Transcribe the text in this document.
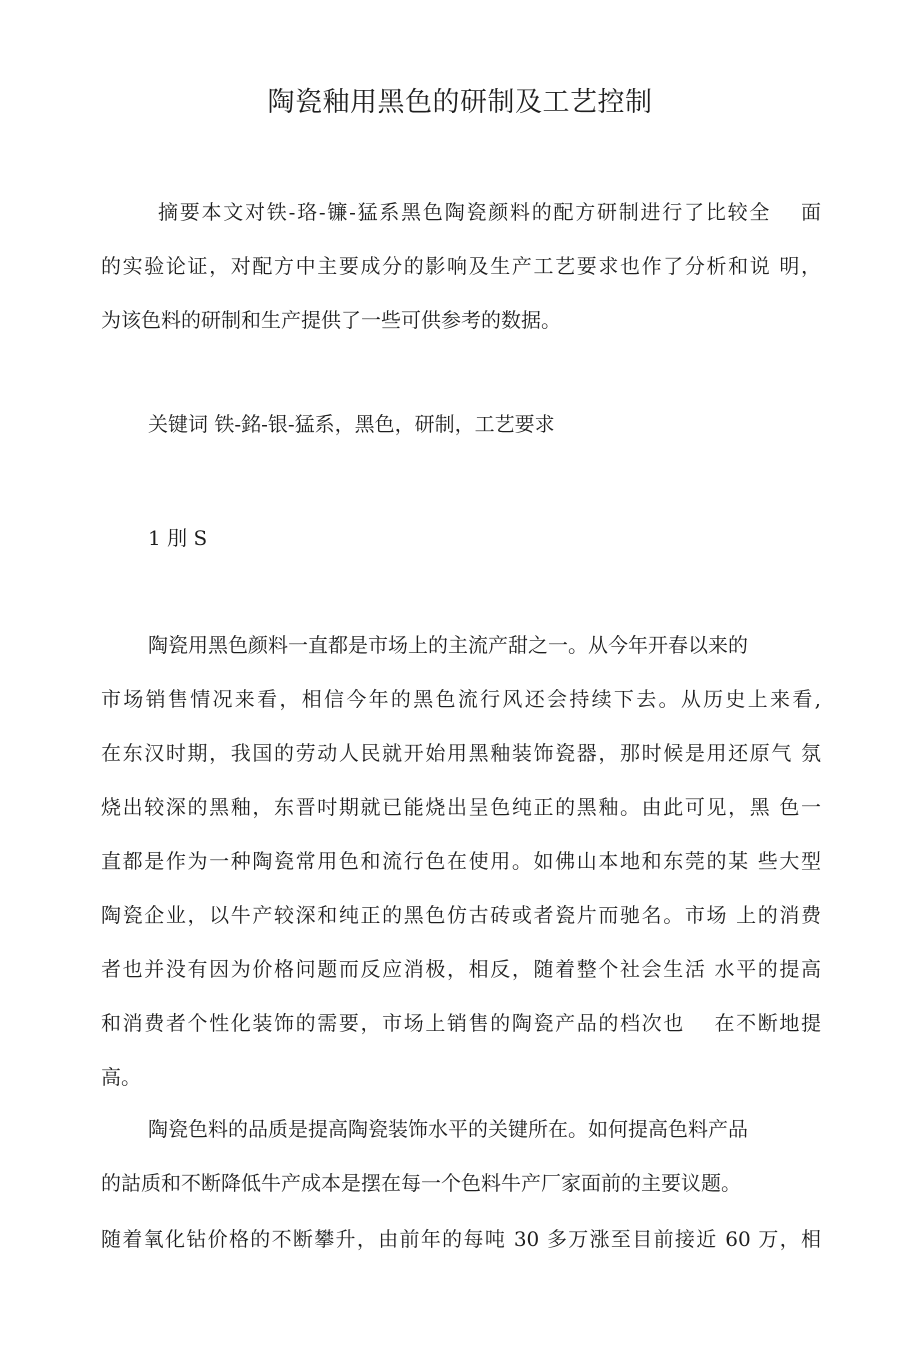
陶瓷釉用黑色的研制及工艺控制
摘要本文对铁-珞-镰-猛系黑色陶瓷颜料的配方研制进行了比较全　 面
的实验论证，对配方中主要成分的影响及生产工艺要求也作了分析和说 明，
为该色料的研制和生产提供了一些可供参考的数据。
关键词 铁-銘-银-猛系，黑色，研制，工艺要求
1 刖 S
陶瓷用黑色颜料一直都是市场上的主流产甜之一。从今年开春以来的
市场销售情况来看，相信今年的黑色流行风还会持续下去。从历史上来看,
在东汉时期，我国的劳动人民就开始用黑釉装饰瓷器，那时候是用还原气 氛
烧出较深的黑釉，东晋吋期就已能烧出呈色纯正的黑釉。由此可见，黑 色一
直都是作为一种陶瓷常用色和流行色在使用。如佛山本地和东莞的某 些大型
陶瓷企业，以牛产较深和纯正的黑色仿古砖或者瓷片而驰名。市场 上的消费
者也并没有因为价格问题而反应消极，相反，随着整个社会生活 水平的提高
和消费者个性化装饰的需要，市场上销售的陶瓷产品的档次也　 在不断地提
高。
陶瓷色料的品质是提高陶瓷装饰水平的关键所在。如何提高色料产品
的詁质和不断降低牛产成本是摆在每一个色料牛产厂家面前的主要议题。
随着氧化钻价格的不断攀升，由前年的每吨 30 多万涨至目前接近 60 万，相
